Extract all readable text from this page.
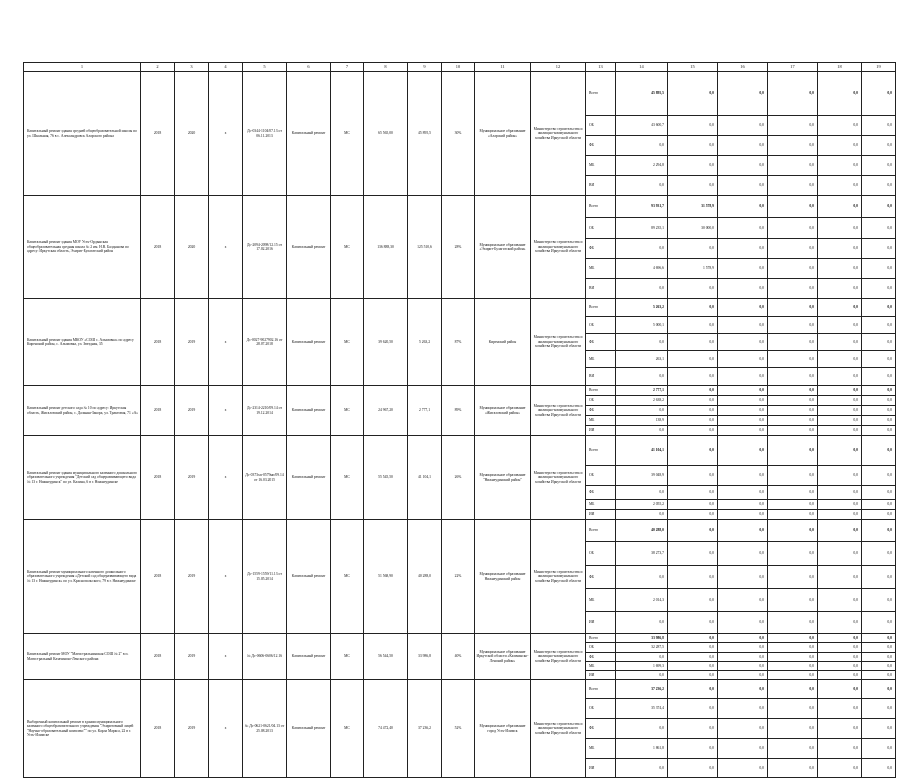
1	2	3	4	5	6	7	8	9	10	11	12	13	14	15	16	17	18	19
Капитальный ремонт здания средней общеобразовательной школы по ул. Школьная, 76 в с. Александровск Аларского района	2018	2020	х	Дс-0344-1104/07.13 от 06.11.2013	Капитальный ремонт	МС	65 565,00	45 895,5	30%	Муниципальное образование «Аларский район»	Министерство строительства и жилищно-коммунального хозяйства Иркутской области	Всего	45 895,5	0,0	0,0	0,0	0,0	0,0
												ОБ	43 600,7	0,0	0,0	0,0	0,0	0,0
												ФБ	0,0	0,0	0,0	0,0	0,0	0,0
												МБ	2 294,8	0,0	0,0	0,0	0,0	0,0
												ВИ	0,0	0,0	0,0	0,0	0,0	0,0
Капитальный ремонт здания МОУ Усть-Ордынская общеобразовательная средняя школа № 2 им. Н.В. Балдынова по адресу: Иркутская область, Эхирит-Булагатский район	2018	2020	х	Дс-2094-2098/12.15 от 17.02.2016	Капитальный ремонт	МС	136 888,30	125 510,6	28%	Муниципальное образование «Эхирит-Булагатский район»	Министерство строительства и жилищно-коммунального хозяйства Иркутской области	Всего	93 931,7	31 578,9	0,0	0,0	0,0	0,0
												ОБ	89 235,1	30 000,0	0,0	0,0	0,0	0,0
												ФБ	0,0	0,0	0,0	0,0	0,0	0,0
												МБ	4 696,6	1 578,9	0,0	0,0	0,0	0,0
												ВИ	0,0	0,0	0,0	0,0	0,0	0,0
Капитальный ремонт здания МКОУ «СОШ с. Алымовка» по адресу Киренский район, с. Алымовка, ул. Звездная, 35	2018	2019	х	Дс-0027-9027902.16 от 28.07.2018	Капитальный ремонт	МС	39 620,50	5 263,2	87%	Киренский район	Министерство строительства и жилищно-коммунального хозяйства Иркутской области	Всего	5 263,2	0,0	0,0	0,0	0,0	0,0
												ОБ	5 000,1	0,0	0,0	0,0	0,0	0,0
												ФБ	0,0	0,0	0,0	0,0	0,0	0,0
												МБ	263,1	0,0	0,0	0,0	0,0	0,0
												ВИ	0,0	0,0	0,0	0,0	0,0	0,0
Капитальный ремонт детского сада № 10 по адресу: Иркутская область, Жигаловский район, с. Дальняя-Закора, ул. Трактовая, 71 «А»	2018	2019	х	Дс-2314-2210/09.14 от 19.12.2014	Капитальный ремонт	МС	24 967,20	2 777,1	89%	Муниципальное образование «Жигаловский район»	Министерство строительства и жилищно-коммунального хозяйства Иркутской области	Всего	2 777,1	0,0	0,0	0,0	0,0	0,0
												ОБ	2 638,2	0,0	0,0	0,0	0,0	0,0
												ФБ	0,0	0,0	0,0	0,0	0,0	0,0
												МБ	138,9	0,0	0,0	0,0	0,0	0,0
												ИИ	0,0	0,0	0,0	0,0	0,0	0,0
Капитальный ремонт здания муниципального казенного дошкольного образовательного учреждения "Детский сад общеразвивающего вида № 13 г. Нижнеудинск" по ул. Калина, 6 в г. Нижнеудинске	2018	2019	х	Дс-0373хп-0579нп/09.14 от 16.03.2015	Капитальный ремонт	МС	55 545,50	41 104,1	26%	Муниципальное образование "Нижнеудинский район"	Министерство строительства и жилищно-коммунального хозяйства Иркутской области	Всего	41 104,1	0,0	0,0	0,0	0,0	0,0
												ОБ	39 048,9	0,0	0,0	0,0	0,0	0,0
												ФБ	0,0	0,0	0,0	0,0	0,0	0,0
												МБ	2 055,2	0,0	0,0	0,0	0,0	0,0
												ИИ	0,0	0,0	0,0	0,0	0,0	0,0
Капитальный ремонт муниципального казенного дошкольного образовательного учреждения «Детский сад общеразвивающего вида № 13 г. Нижнеудинск» по ул. Краснопольского, 79 в г. Нижнеудинске	2018	2019	х	Дс-1559-1559/11.13 от 15.05.2014	Капитальный ремонт	МС	51 568,90	40 288,0	22%	Муниципальное образование Нижнеудинский район	Министерство строительства и жилищно-коммунального хозяйства Иркутской области	Всего	40 288,0	0,0	0,0	0,0	0,0	0,0
												ОБ	38 273,7	0,0	0,0	0,0	0,0	0,0
												ФБ	0,0	0,0	0,0	0,0	0,0	0,0
												МБ	2 014,3	0,0	0,0	0,0	0,0	0,0
												ИИ	0,0	0,0	0,0	0,0	0,0	0,0
Капитальный ремонт МОУ "Магистральнинская СОШ № 2" в п. Магистральный Казачинско-Ленского района	2018	2019	х	№ Дс-0606-0606/12.16	Капитальный ремонт	МС	56 544,50	33 986,8	40%	Муниципальное образование Иркутской области «Казачинско-Ленский район»	Министерство строительства и жилищно-коммунального хозяйства Иркутской области	Всего	33 986,8	0,0	0,0	0,0	0,0	0,0
												ОБ	32 287,5	0,0	0,0	0,0	0,0	0,0
												ФБ	0,0	0,0	0,0	0,0	0,0	0,0
												МБ	1 699,3	0,0	0,0	0,0	0,0	0,0
												ИИ	0,0	0,0	0,0	0,0	0,0	0,0
Выборочный капитальный ремонт в здании муниципального казенного общеобразовательного учреждения "Эхиритовный лицей "Научно-образовательный комплекс"" по ул. Карла Маркса, 22 в г. Усть-Илимске	2018	2019	х	№ Дс-0621-0621/04.13 от 25.08.2013	Капитальный ремонт	МС	74 472,40	37 236,2	52%	Муниципальное образование город Усть-Илимск	Министерство строительства и жилищно-коммунального хозяйства Иркутской области	Всего	37 236,2	0,0	0,0	0,0	0,0	0,0
												ОБ	35 374,4	0,0	0,0	0,0	0,0	0,0
												ФБ	0,0	0,0	0,0	0,0	0,0	0,0
												МБ	1 861,8	0,0	0,0	0,0	0,0	0,0
												ИИ	0,0	0,0	0,0	0,0	0,0	0,0
